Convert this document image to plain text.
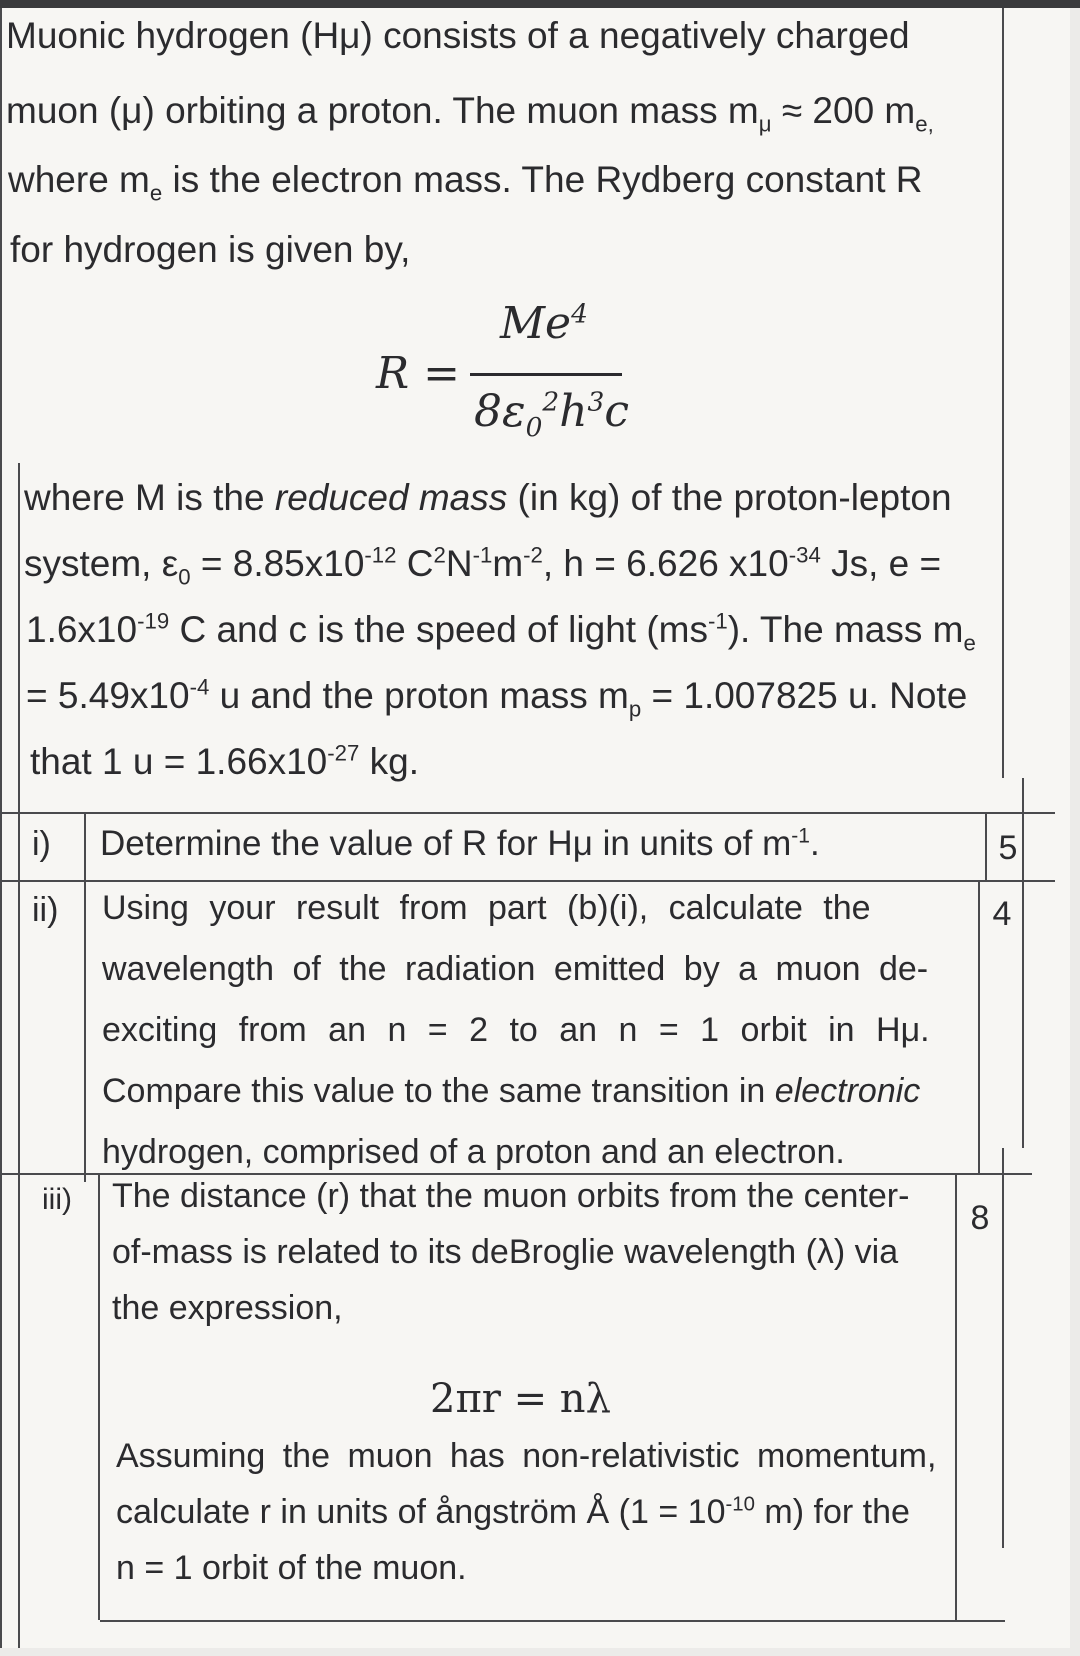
Muonic hydrogen (Hμ) consists of a negatively charged
muon (μ) orbiting a proton. The muon mass $m_\mu \approx 200$ $m_{e,}$
where $m_e$ is the electron mass. The Rydberg constant R
for hydrogen is given by,
R =
$Me^4$
$8\varepsilon_0^2h^3c$
where M is the reduced mass (in kg) of the proton-lepton
system, $\varepsilon_0 = 8.85x10^{-12}$ $C^2N^{-1}m^{-2}$, h = 6.626 $x10^{-34}$ Js, e =
$1.6x10^{-19}$ C and c is the speed of light $(ms^{-1})$. The mass $m_e$
= $5.49x10^{-4}$ u and the proton mass $m_p = 1.007825$ u. Note
that 1 $u = 1.66x10^{-27}$ kg.
i) Determine the value of R for Hμ in units of $m^{-1}$.	5
ii) Using your result from part (b)(i), calculate the
wavelength of the radiation emitted by a muon de-
exciting from an n = 2 to an n = 1 orbit in Hμ.
Compare this value to the same transition in electronic
hydrogen, comprised of a proton and an electron.
4
iii) The distance (r) that the muon orbits from the center-
of-mass is related to its deBroglie wavelength (λ) via
the expression,
2πr = nλ
Assuming the muon has non-relativistic momentum,
calculate r in units of ångström Å ($1 = 10^{-10}$ m) for the
n = 1 orbit of the muon.
8
